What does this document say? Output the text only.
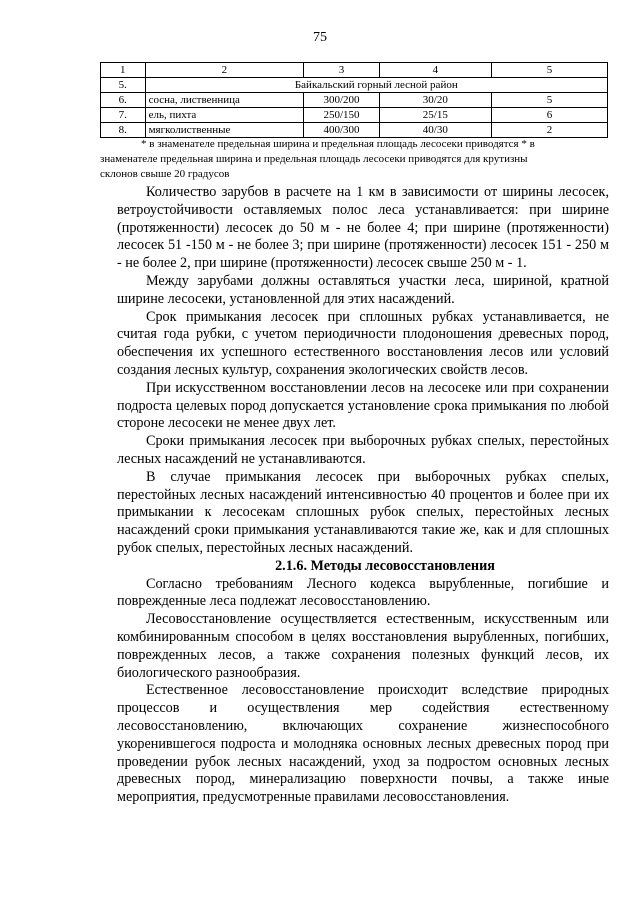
75
1	2	3	4	5
5.	Байкальский горный лесной район			
6.	сосна, лиственница	300/200	30/20	5
7.	ель, пихта	250/150	25/15	6
8.	мягколиственные	400/300	40/30	2
* в знаменателе предельная ширина и предельная площадь лесосеки приводятся * в
знаменателе предельная ширина и предельная площадь лесосеки приводятся для крутизны
склонов свыше 20 градусов

Количество зарубов в расчете на 1 км в зависимости от ширины лесосек, ветроустойчивости оставляемых полос леса устанавливается: при ширине (протяженности) лесосек до 50 м - не более 4; при ширине (протяженности) лесосек 51 -150 м - не более 3; при ширине (протяженности) лесосек 151 - 250 м - не более 2, при ширине (протяженности) лесосек свыше 250 м - 1.

Между зарубами должны оставляться участки леса, шириной, кратной ширине лесосеки, установленной для этих насаждений.

Срок примыкания лесосек при сплошных рубках устанавливается, не считая года рубки, с учетом периодичности плодоношения древесных пород, обеспечения их успешного естественного восстановления лесов или условий создания лесных культур, сохранения экологических свойств лесов.

При искусственном восстановлении лесов на лесосеке или при сохранении подроста целевых пород допускается установление срока примыкания по любой стороне лесосеки не менее двух лет.

Сроки примыкания лесосек при выборочных рубках спелых, перестойных лесных насаждений не устанавливаются.

В случае примыкания лесосек при выборочных рубках спелых, перестойных лесных насаждений интенсивностью 40 процентов и более при их примыкании к лесосекам сплошных рубок спелых, перестойных лесных насаждений сроки примыкания устанавливаются такие же, как и для сплошных рубок спелых, перестойных лесных насаждений.

2.1.6. Методы лесовосстановления

Согласно требованиям Лесного кодекса вырубленные, погибшие и поврежденные леса подлежат лесовосстановлению.

Лесовосстановление осуществляется естественным, искусственным или комбинированным способом в целях восстановления вырубленных, погибших, поврежденных лесов, а также сохранения полезных функций лесов, их биологического разнообразия.

Естественное лесовосстановление происходит вследствие природных процессов и осуществления мер содействия естественному лесовосстановлению, включающих сохранение жизнеспособного укоренившегося подроста и молодняка основных лесных древесных пород при проведении рубок лесных насаждений, уход за подростом основных лесных древесных пород, минерализацию поверхности почвы, а также иные мероприятия, предусмотренные правилами лесовосстановления.
